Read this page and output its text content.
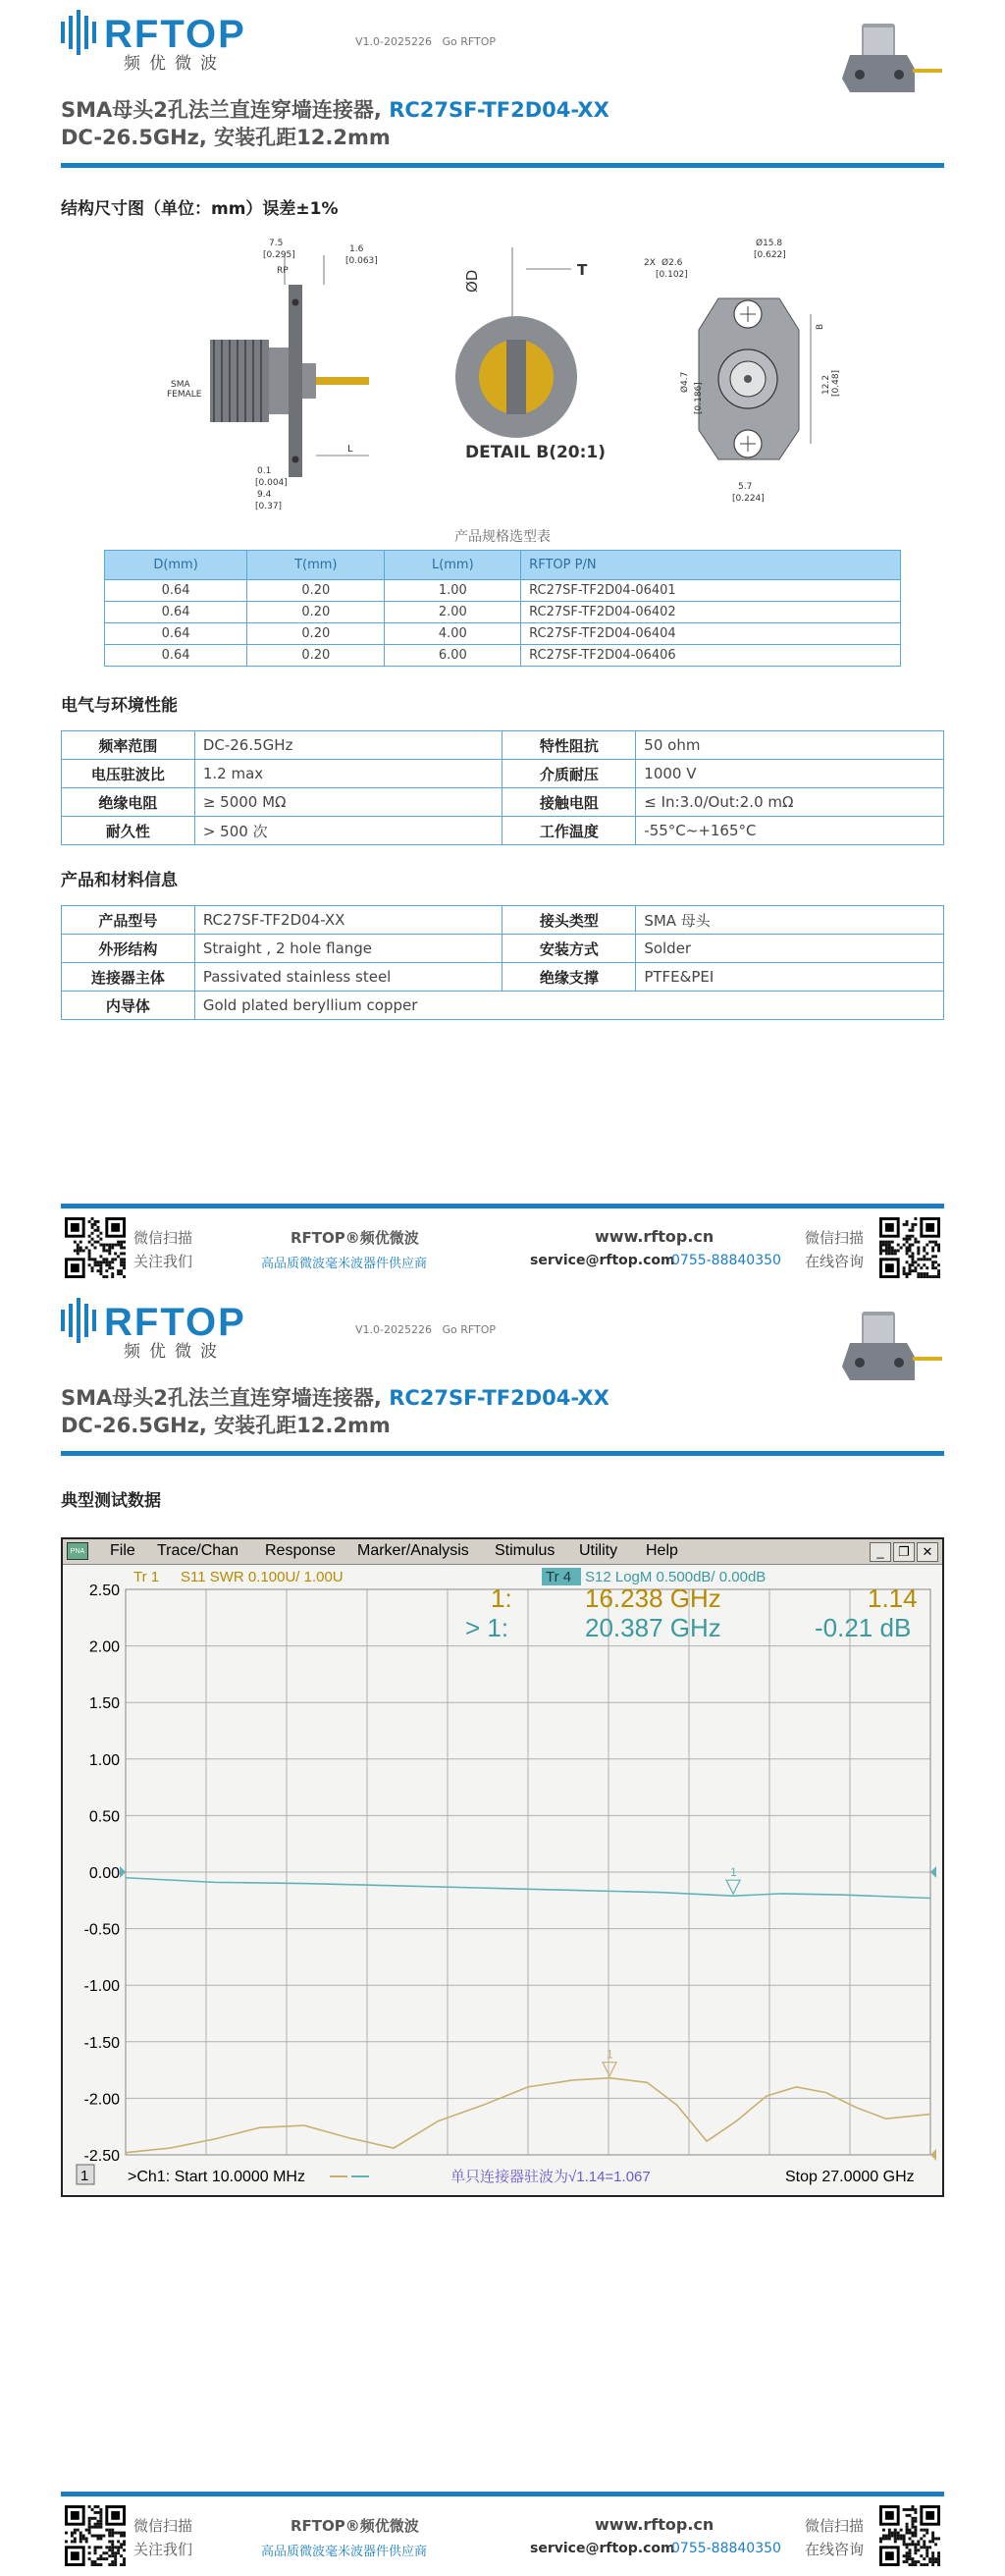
RFTOP
频优微波
V1.0-2025226 Go RFTOP
SMA母头2孔法兰直连穿墙连接器, RC27SF-TF2D04-XX
DC-26.5GHz, 安装孔距12.2mm
结构尺寸图（单位：mm）误差±1%
7.5
[0.295]
1.6
[0.063]
RP
SMA
FEMALE
L
0.1
[0.004]
9.4
[0.37]
ØD	T
DETAIL B(20:1)
2X Ø2.6
[0.102]
Ø15.8
[0.622]
Ø4.7 [0.186]	12.2 [0.48]
B
5.7
[0.224]
产品规格选型表
D(mm)	T(mm)	L(mm)	RFTOP P/N
0.64	0.20	1.00	RC27SF-TF2D04-06401
0.64	0.20	2.00	RC27SF-TF2D04-06402
0.64	0.20	4.00	RC27SF-TF2D04-06404
0.64	0.20	6.00	RC27SF-TF2D04-06406
电气与环境性能
频率范围	DC-26.5GHz	特性阻抗	50 ohm
电压驻波比	1.2 max	介质耐压	1000 V
绝缘电阻	≥ 5000 MΩ	接触电阻	≤ In:3.0/Out:2.0 mΩ
耐久性	> 500 次	工作温度	-55°C~+165°C
产品和材料信息
产品型号	RC27SF-TF2D04-XX	接头类型	SMA 母头
外形结构	Straight , 2 hole flange	安装方式	Solder
连接器主体	Passivated stainless steel	绝缘支撑	PTFE&PEI
内导体	Gold plated beryllium copper		
微信扫描
关注我们
RFTOP®频优微波
高品质微波毫米波器件供应商
www.rftop.cn
service@rftop.com
0755-88840350
微信扫描
在线咨询
RFTOP
频优微波
V1.0-2025226 Go RFTOP
SMA母头2孔法兰直连穿墙连接器, RC27SF-TF2D04-XX
DC-26.5GHz, 安装孔距12.2mm
典型测试数据
微信扫描
关注我们
RFTOP®频优微波
高品质微波毫米波器件供应商
www.rftop.cn
service@rftop.com
0755-88840350
微信扫描
在线咨询
PNA File Trace/Chan Response Marker/Analysis Stimulus Utility Help	_	❐ ✕
2.50
2.00
1.50
1.00
0.50
0.00
-0.50
-1.00
-1.50
-2.00
-2.50
Tr 1 S11 SWR 0.100U/ 1.00U	Tr 4 S12 LogM 0.500dB/ 0.00dB
1:	16.238 GHz	1.14
> 1:	20.387 GHz	-0.21 dB
1
1
1 >Ch1: Start 10.0000 MHz	单只连接器驻波为√1.14=1.067	Stop 27.0000 GHz
